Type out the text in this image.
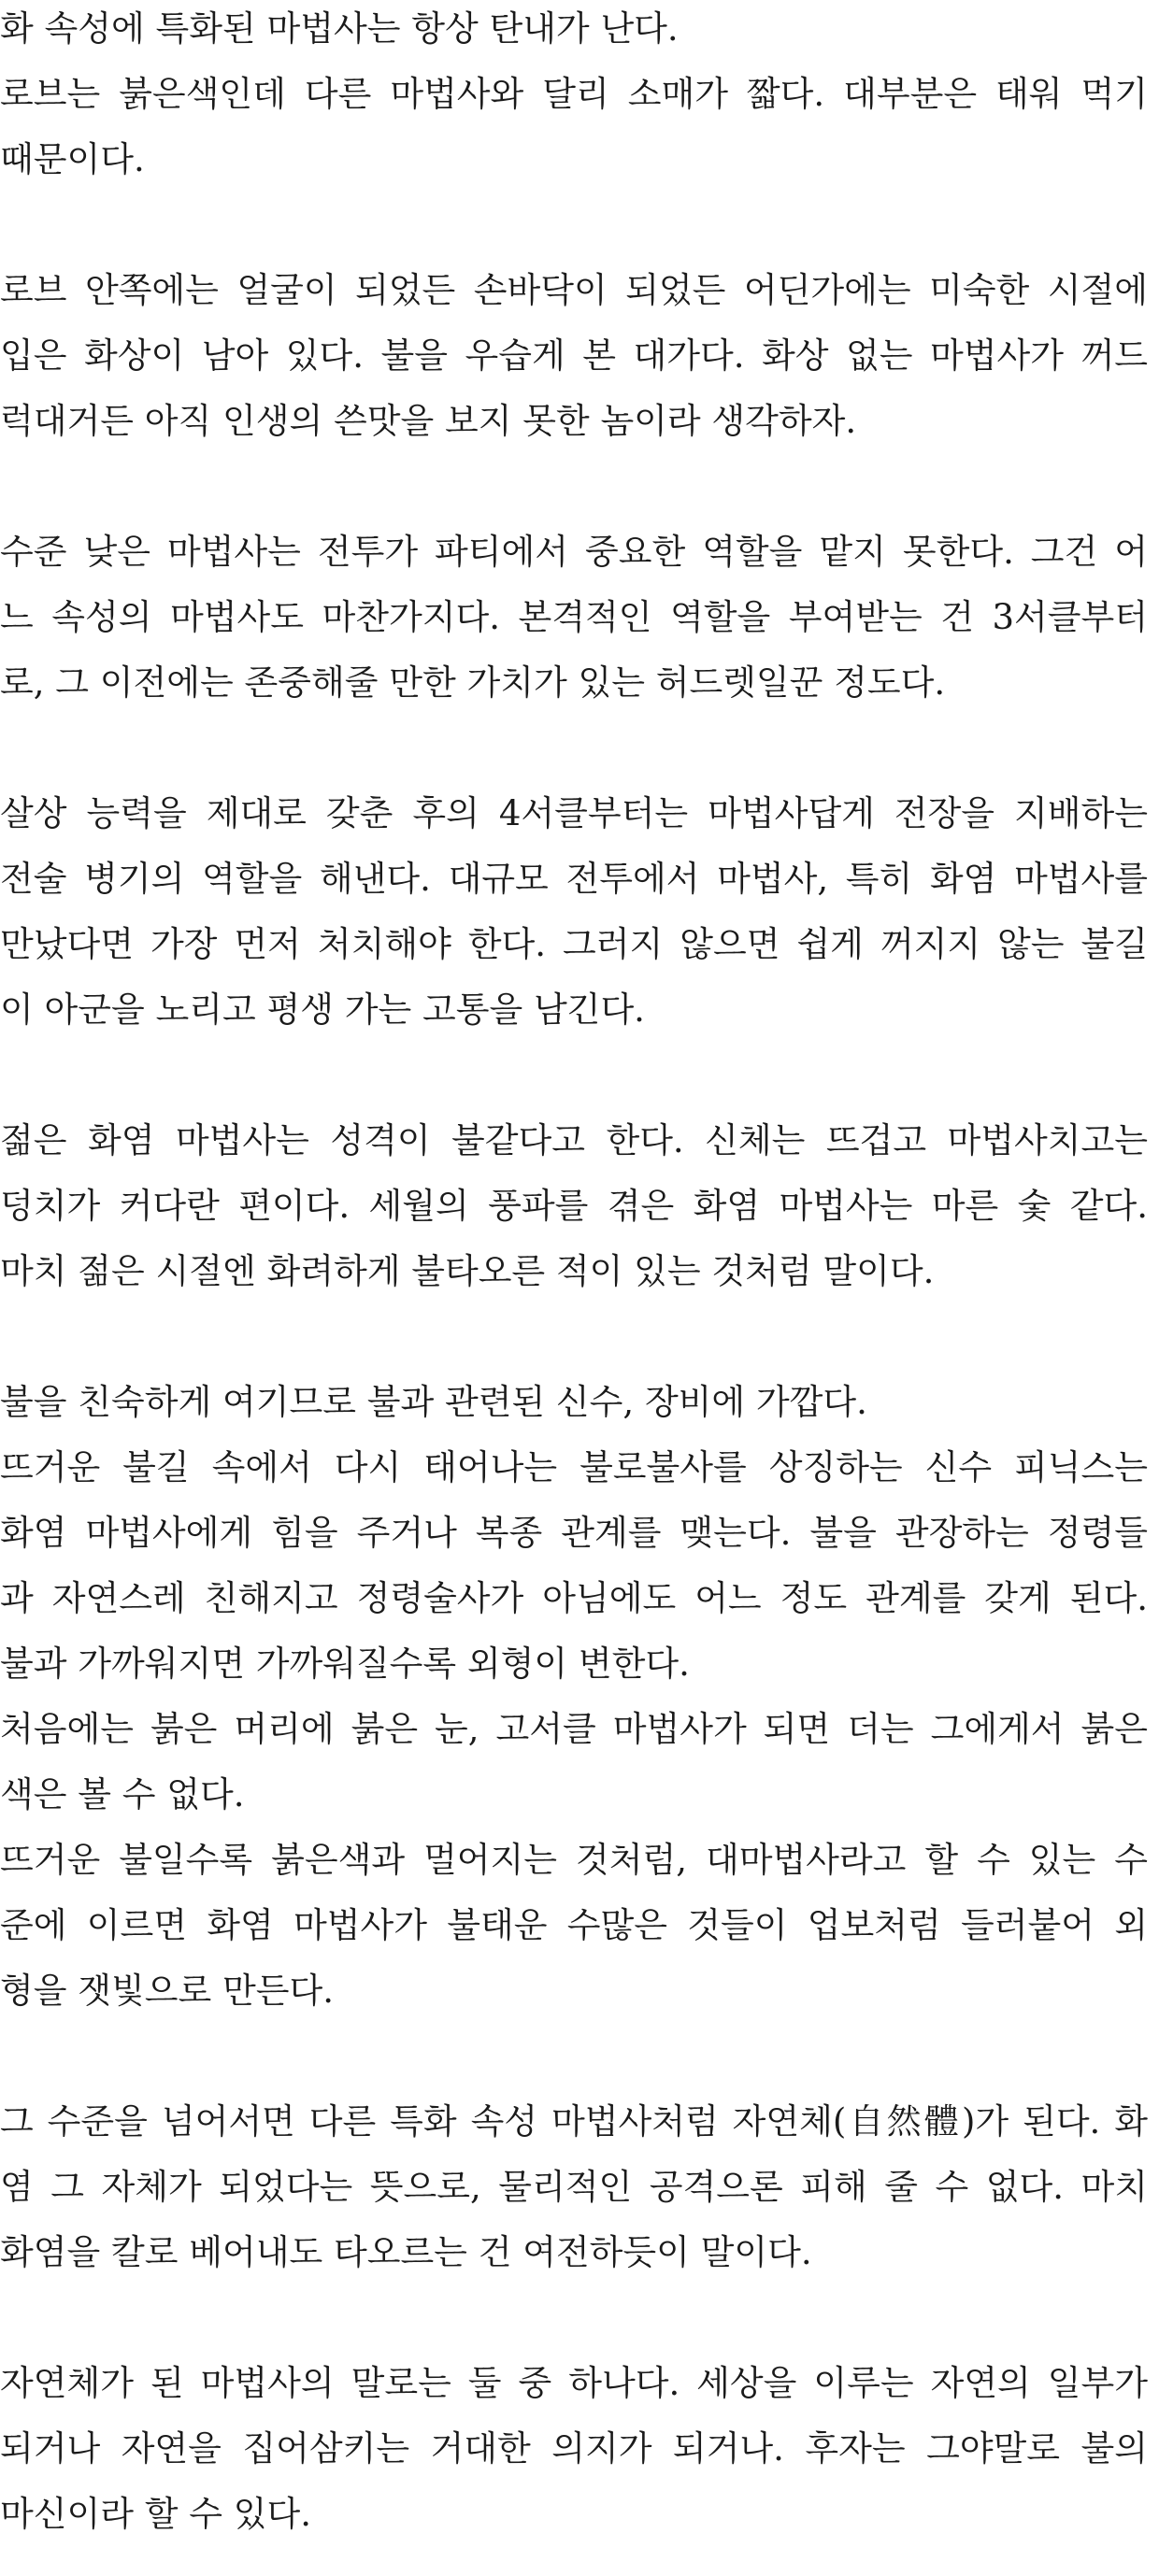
화 속성에 특화된 마법사는 항상 탄내가 난다.
로브는 붉은색인데 다른 마법사와 달리 소매가 짧다. 대부분은 태워 먹기
때문이다.
로브 안쪽에는 얼굴이 되었든 손바닥이 되었든 어딘가에는 미숙한 시절에
입은 화상이 남아 있다. 불을 우습게 본 대가다. 화상 없는 마법사가 꺼드
럭대거든 아직 인생의 쓴맛을 보지 못한 놈이라 생각하자.
수준 낮은 마법사는 전투가 파티에서 중요한 역할을 맡지 못한다. 그건 어
느 속성의 마법사도 마찬가지다. 본격적인 역할을 부여받는 건 3서클부터
로, 그 이전에는 존중해줄 만한 가치가 있는 허드렛일꾼 정도다.
살상 능력을 제대로 갖춘 후의 4서클부터는 마법사답게 전장을 지배하는
전술 병기의 역할을 해낸다. 대규모 전투에서 마법사, 특히 화염 마법사를
만났다면 가장 먼저 처치해야 한다. 그러지 않으면 쉽게 꺼지지 않는 불길
이 아군을 노리고 평생 가는 고통을 남긴다.
젊은 화염 마법사는 성격이 불같다고 한다. 신체는 뜨겁고 마법사치고는
덩치가 커다란 편이다. 세월의 풍파를 겪은 화염 마법사는 마른 숯 같다.
마치 젊은 시절엔 화려하게 불타오른 적이 있는 것처럼 말이다.
불을 친숙하게 여기므로 불과 관련된 신수, 장비에 가깝다.
뜨거운 불길 속에서 다시 태어나는 불로불사를 상징하는 신수 피닉스는
화염 마법사에게 힘을 주거나 복종 관계를 맺는다. 불을 관장하는 정령들
과 자연스레 친해지고 정령술사가 아님에도 어느 정도 관계를 갖게 된다.
불과 가까워지면 가까워질수록 외형이 변한다.
처음에는 붉은 머리에 붉은 눈, 고서클 마법사가 되면 더는 그에게서 붉은
색은 볼 수 없다.
뜨거운 불일수록 붉은색과 멀어지는 것처럼, 대마법사라고 할 수 있는 수
준에 이르면 화염 마법사가 불태운 수많은 것들이 업보처럼 들러붙어 외
형을 잿빛으로 만든다.
그 수준을 넘어서면 다른 특화 속성 마법사처럼 자연체(自然體)가 된다. 화
염 그 자체가 되었다는 뜻으로, 물리적인 공격으론 피해 줄 수 없다. 마치
화염을 칼로 베어내도 타오르는 건 여전하듯이 말이다.
자연체가 된 마법사의 말로는 둘 중 하나다. 세상을 이루는 자연의 일부가
되거나 자연을 집어삼키는 거대한 의지가 되거나. 후자는 그야말로 불의
마신이라 할 수 있다.
